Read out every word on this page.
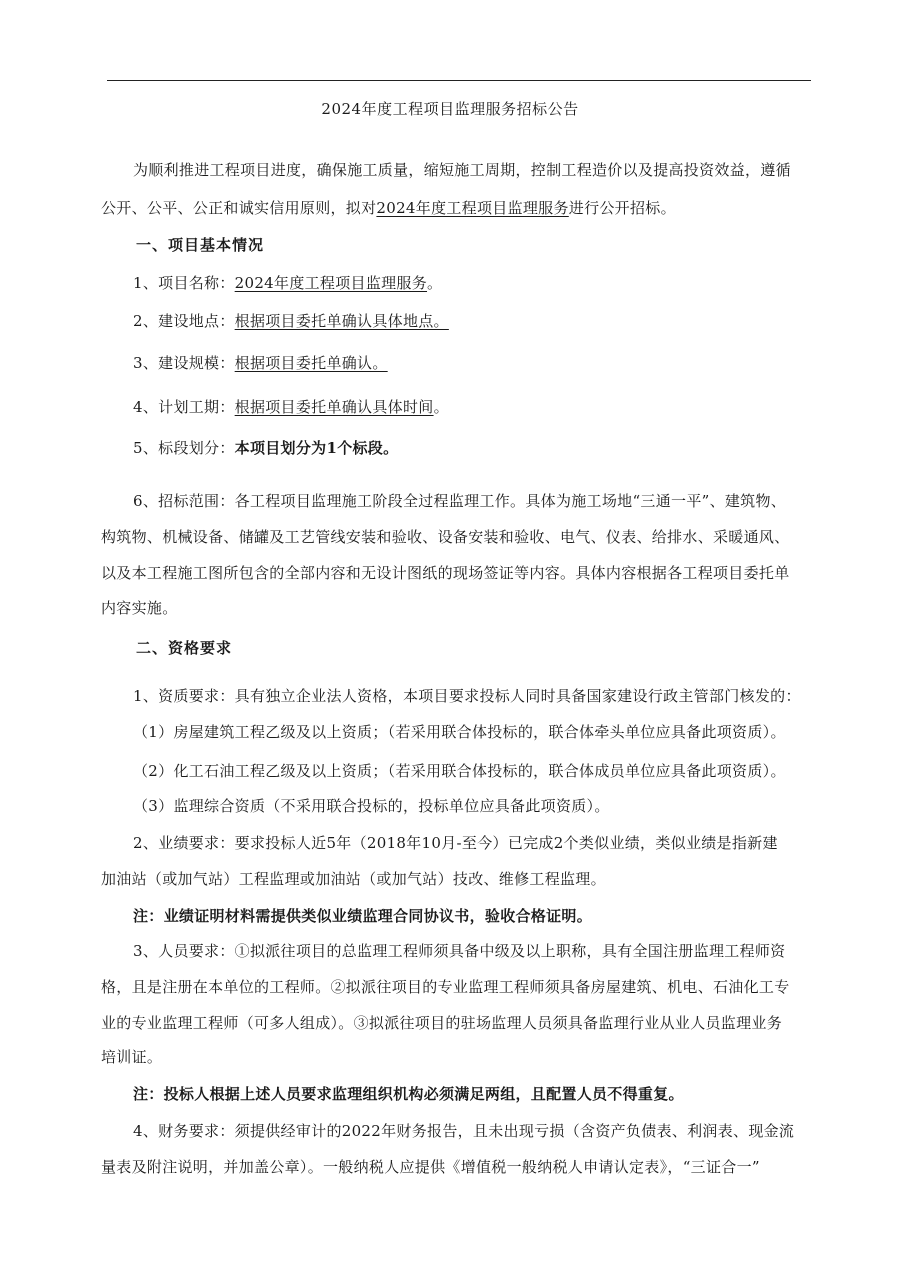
2024年度工程项目监理服务招标公告
为顺利推进工程项目进度，确保施工质量，缩短施工周期，控制工程造价以及提高投资效益，遵循
公开、公平、公正和诚实信用原则，拟对2024年度工程项目监理服务进行公开招标。
一、项目基本情况
1、项目名称：2024年度工程项目监理服务。
2、建设地点：根据项目委托单确认具体地点。
3、建设规模：根据项目委托单确认。
4、计划工期：根据项目委托单确认具体时间。
5、标段划分：本项目划分为1个标段。
6、招标范围：各工程项目监理施工阶段全过程监理工作。具体为施工场地“三通一平”、建筑物、
构筑物、机械设备、储罐及工艺管线安装和验收、设备安装和验收、电气、仪表、给排水、采暖通风、
以及本工程施工图所包含的全部内容和无设计图纸的现场签证等内容。具体内容根据各工程项目委托单
内容实施。
二、资格要求
1、资质要求：具有独立企业法人资格，本项目要求投标人同时具备国家建设行政主管部门核发的：
（1）房屋建筑工程乙级及以上资质；（若采用联合体投标的，联合体牵头单位应具备此项资质）。
（2）化工石油工程乙级及以上资质；（若采用联合体投标的，联合体成员单位应具备此项资质）。
（3）监理综合资质（不采用联合投标的，投标单位应具备此项资质）。
2、业绩要求：要求投标人近5年（2018年10月-至今）已完成2个类似业绩，类似业绩是指新建
加油站（或加气站）工程监理或加油站（或加气站）技改、维修工程监理。
注：业绩证明材料需提供类似业绩监理合同协议书，验收合格证明。
3、人员要求：①拟派往项目的总监理工程师须具备中级及以上职称，具有全国注册监理工程师资
格，且是注册在本单位的工程师。②拟派往项目的专业监理工程师须具备房屋建筑、机电、石油化工专
业的专业监理工程师（可多人组成）。③拟派往项目的驻场监理人员须具备监理行业从业人员监理业务
培训证。
注：投标人根据上述人员要求监理组织机构必须满足两组，且配置人员不得重复。
4、财务要求：须提供经审计的2022年财务报告，且未出现亏损（含资产负债表、利润表、现金流
量表及附注说明，并加盖公章）。一般纳税人应提供《增值税一般纳税人申请认定表》，“三证合一”
